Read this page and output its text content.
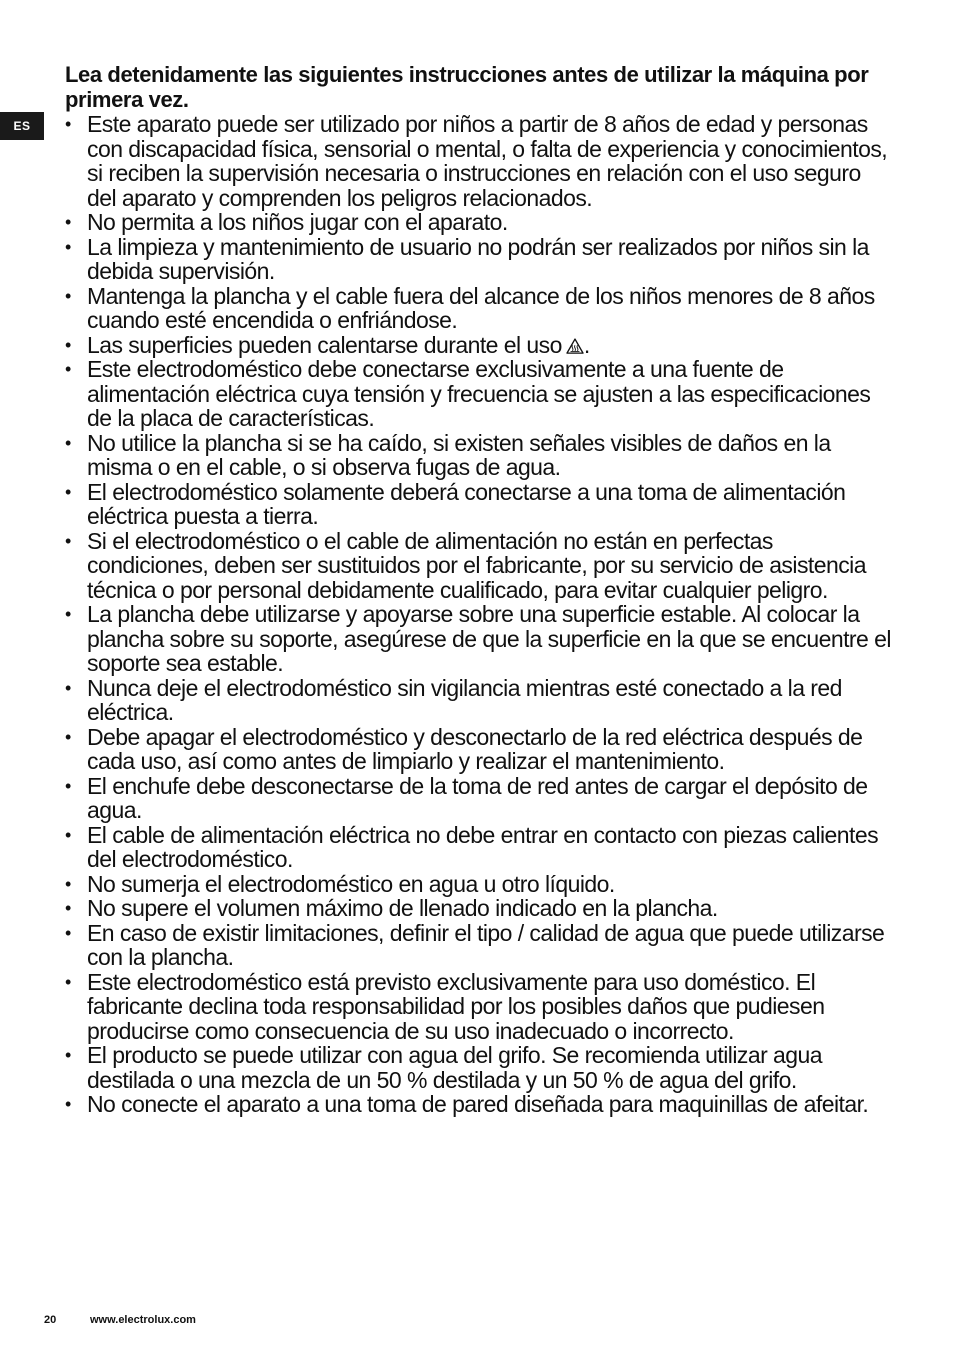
ES
Lea detenidamente las siguientes instrucciones antes de utilizar la máquina por primera vez.
• Este aparato puede ser utilizado por niños a partir de 8 años de edad y personas con discapacidad física, sensorial o mental, o falta de experiencia y conocimientos, si reciben la supervisión necesaria o instrucciones en relación con el uso seguro del aparato y comprenden los peligros relacionados.
• No permita a los niños jugar con el aparato.
• La limpieza y mantenimiento de usuario no podrán ser realizados por niños sin la debida supervisión.
• Mantenga la plancha y el cable fuera del alcance de los niños menores de 8 años cuando esté encendida o enfriándose.
• Las superficies pueden calentarse durante el uso .
• Este electrodoméstico debe conectarse exclusivamente a una fuente de alimentación eléctrica cuya tensión y frecuencia se ajusten a las especificaciones de la placa de características.
• No utilice la plancha si se ha caído, si existen señales visibles de daños en la misma o en el cable, o si observa fugas de agua.
• El electrodoméstico solamente deberá conectarse a una toma de alimentación eléctrica puesta a tierra.
• Si el electrodoméstico o el cable de alimentación no están en perfectas condiciones, deben ser sustituidos por el fabricante, por su servicio de asistencia técnica o por personal debidamente cualificado, para evitar cualquier peligro.
• La plancha debe utilizarse y apoyarse sobre una superficie estable. Al colocar la plancha sobre su soporte, asegúrese de que la superficie en la que se encuentre el soporte sea estable.
• Nunca deje el electrodoméstico sin vigilancia mientras esté conectado a la red eléctrica.
• Debe apagar el electrodoméstico y desconectarlo de la red eléctrica después de cada uso, así como antes de limpiarlo y realizar el mantenimiento.
• El enchufe debe desconectarse de la toma de red antes de cargar el depósito de agua.
• El cable de alimentación eléctrica no debe entrar en contacto con piezas calientes del electrodoméstico.
• No sumerja el electrodoméstico en agua u otro líquido.
• No supere el volumen máximo de llenado indicado en la plancha.
• En caso de existir limitaciones, definir el tipo / calidad de agua que puede utilizarse con la plancha.
• Este electrodoméstico está previsto exclusivamente para uso doméstico. El fabricante declina toda responsabilidad por los posibles daños que pudiesen producirse como consecuencia de su uso inadecuado o incorrecto.
• El producto se puede utilizar con agua del grifo. Se recomienda utilizar agua destilada o una mezcla de un 50 % destilada y un 50 % de agua del grifo.
• No conecte el aparato a una toma de pared diseñada para maquinillas de afeitar.
20	www.electrolux.com
